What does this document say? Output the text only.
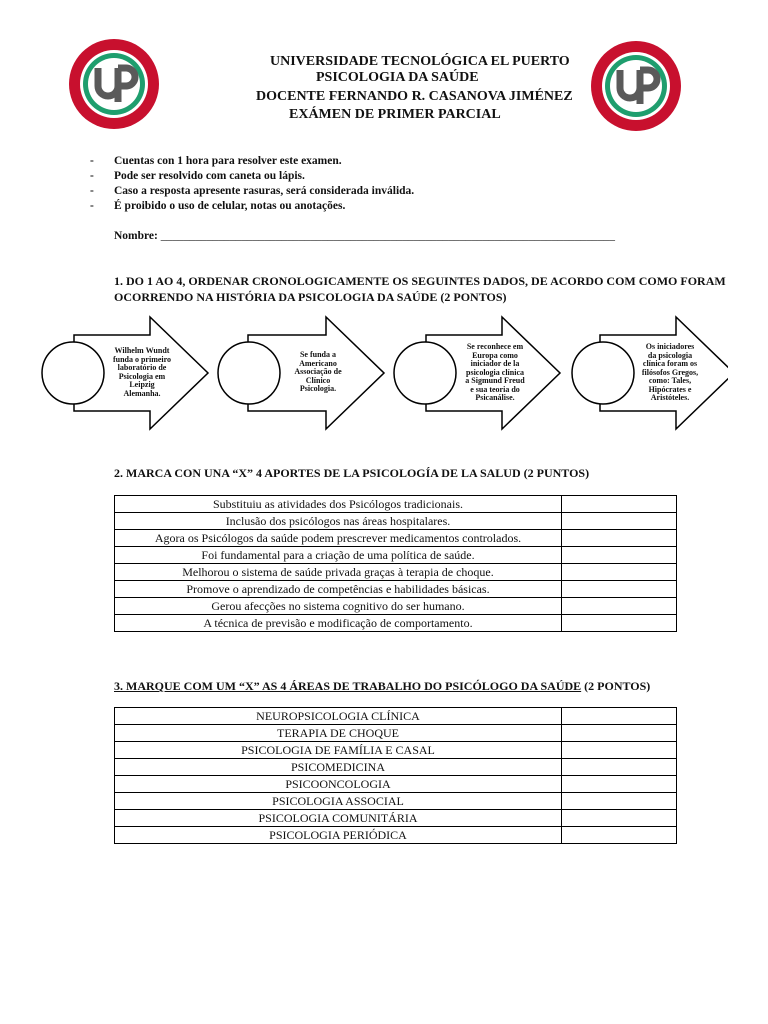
UNIVERSIDADE TECNOLÓGICA EL PUERTO
PSICOLOGIA DA SAÚDE
DOCENTE FERNANDO R. CASANOVA JIMÉNEZ
EXÁMEN DE PRIMER PARCIAL
- Cuentas con 1 hora para resolver este examen.
- Pode ser resolvido com caneta ou lápis.
- Caso a resposta apresente rasuras, será considerada inválida.
- É proibido o uso de celular, notas ou anotações.
Nombre: _______________________________________________________________________________
1. DO 1 AO 4, ORDENAR CRONOLOGICAMENTE OS SEGUINTES DADOS, DE ACORDO COM COMO FORAM
OCORRENDO NA HISTÓRIA DA PSICOLOGIA DA SAÚDE (2 PONTOS)
Wilhelm Wundt
funda o primeiro
laboratório de
Psicologia em
Leipzig
Alemanha.
Se funda a
Americano
Associação de
Clínico
Psicologia.
Se reconhece em
Europa como
iniciador de la
psicologia clínica
a Sigmund Freud
e sua teoria do
Psicanálise.
Os iniciadores
da psicologia
clínica foram os
filósofos Gregos,
como: Tales,
Hipócrates e
Aristóteles.
2. MARCA CON UNA “X” 4 APORTES DE LA PSICOLOGÍA DE LA SALUD (2 PUNTOS)
Substituiu as atividades dos Psicólogos tradicionais.	
Inclusão dos psicólogos nas áreas hospitalares.	
Agora os Psicólogos da saúde podem prescrever medicamentos controlados.	
Foi fundamental para a criação de uma política de saúde.	
Melhorou o sistema de saúde privada graças à terapia de choque.	
Promove o aprendizado de competências e habilidades básicas.	
Gerou afecções no sistema cognitivo do ser humano.	
A técnica de previsão e modificação de comportamento.	
3. MARQUE COM UM “X” AS 4 ÁREAS DE TRABALHO DO PSICÓLOGO DA SAÚDE (2 PONTOS)
NEUROPSICOLOGIA CLÍNICA	
TERAPIA DE CHOQUE	
PSICOLOGIA DE FAMÍLIA E CASAL	
PSICOMEDICINA	
PSICOONCOLOGIA	
PSICOLOGIA ASSOCIAL	
PSICOLOGIA COMUNITÁRIA	
PSICOLOGIA PERIÓDICA	
